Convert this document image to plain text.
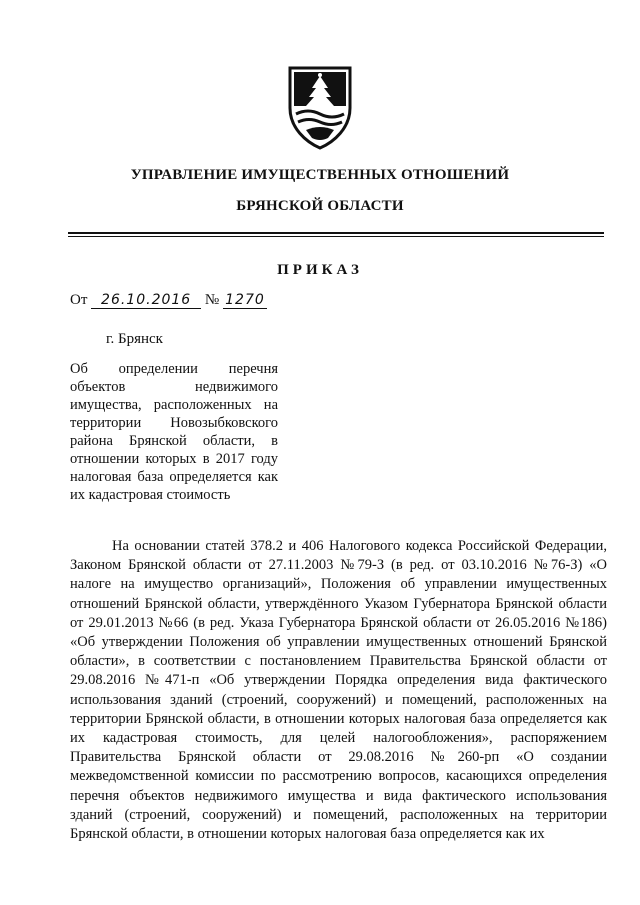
УПРАВЛЕНИЕ ИМУЩЕСТВЕННЫХ ОТНОШЕНИЙ
БРЯНСКОЙ ОБЛАСТИ
ПРИКАЗ
От 26.10.2016 № 1270
г. Брянск
Об определении перечня объектов недвижимого имущества, расположенных на территории Новозыбковского района Брянской области, в отношении которых в 2017 году налоговая база определяется как их кадастровая стоимость
На основании статей 378.2 и 406 Налогового кодекса Российской Федерации, Законом Брянской области от 27.11.2003 №79-З (в ред. от 03.10.2016 №76-З) «О налоге на имущество организаций», Положения об управлении имущественных отношений Брянской области, утверждённого Указом Губернатора Брянской области от 29.01.2013 №66 (в ред. Указа Губернатора Брянской области от 26.05.2016 №186) «Об утверждении Положения об управлении имущественных отношений Брянской области», в соответствии с постановлением Правительства Брянской области от 29.08.2016 №471-п «Об утверждении Порядка определения вида фактического использования зданий (строений, сооружений) и помещений, расположенных на территории Брянской области, в отношении которых налоговая база определяется как их кадастровая стоимость, для целей налогообложения», распоряжением Правительства Брянской области от 29.08.2016 №260-рп «О создании межведомственной комиссии по рассмотрению вопросов, касающихся определения перечня объектов недвижимого имущества и вида фактического использования зданий (строений, сооружений) и помещений, расположенных на территории Брянской области, в отношении которых налоговая база определяется как их
